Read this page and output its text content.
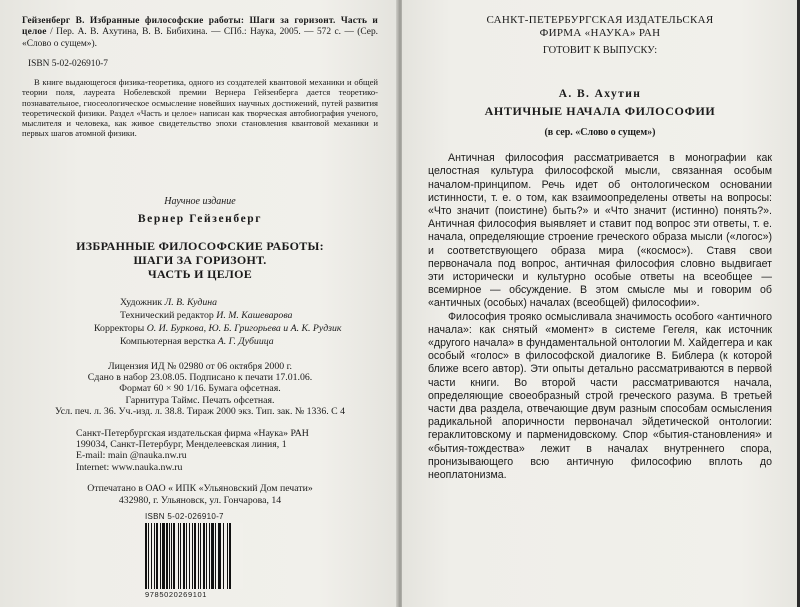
Гейзенберг В. Избранные философские работы: Шаги за горизонт. Часть и целое / Пер. А. В. Ахутина, В. В. Бибихина. — СПб.: Наука, 2005. — 572 с. — (Сер. «Слово о сущем»).

ISBN 5-02-026910-7

В книге выдающегося физика-теоретика, одного из создателей квантовой механики и общей теории поля, лауреата Нобелевской премии Вернера Гейзенберга дается теоретико-познавательное, гносеологическое осмысление новейших научных достижений, путей развития теоретической физики. Раздел «Часть и целое» написан как творческая автобиография ученого, мыслителя и человека, как живое свидетельство эпохи становления квантовой механики и первых шагов атомной физики.

Научное издание

Вернер Гейзенберг

ИЗБРАННЫЕ ФИЛОСОФСКИЕ РАБОТЫ:
ШАГИ ЗА ГОРИЗОНТ.
ЧАСТЬ И ЦЕЛОЕ
Художник Л. В. Кудина
Технический редактор И. М. Кашеварова
Корректоры О. И. Буркова, Ю. Б. Григорьева и А. К. Рудзик
Компьютерная верстка А. Г. Дубиица
Лицензия ИД № 02980 от 06 октября 2000 г.
Сдано в набор 23.08.05. Подписано к печати 17.01.06.
Формат 60 × 90 1/16. Бумага офсетная.
Гарнитура Таймс. Печать офсетная.
Усл. печ. л. 36. Уч.-изд. л. 38.8. Тираж 2000 экз. Тип. зак. № 1336. С 4
Санкт-Петербургская издательская фирма «Наука» РАН
199034, Санкт-Петербург, Менделеевская линия, 1
E-mail: main @nauka.nw.ru
Internet: www.nauka.nw.ru
Отпечатано в ОАО « ИПК «Ульяновский Дом печати»
432980, г. Ульяновск, ул. Гончарова, 14
ISBN 5-02-026910-7
9785020269101
САНКТ-ПЕТЕРБУРГСКАЯ ИЗДАТЕЛЬСКАЯ
ФИРМА «НАУКА» РАН

ГОТОВИТ К ВЫПУСКУ:

А. В. Ахутин

АНТИЧНЫЕ НАЧАЛА ФИЛОСОФИИ

(в сер. «Слово о сущем»)

Античная философия рассматривается в монографии как целостная культура философской мысли, связанная особым началом-принципом. Речь идет об онтологическом основании истинности, т. е. о том, как взаимоопределены ответы на вопросы: «Что значит (поистине) быть?» и «Что значит (истинно) понять?». Античная философия выявляет и ставит под вопрос эти ответы, т. е. начала, определяющие строение греческого образа мысли («логос») и соответствующего образа мира («космос»). Ставя свои первоначала под вопрос, античная философия словно выдвигает эти исторически и культурно особые ответы на всеобщее — всемирное — обсуждение. В этом смысле мы и говорим об «античных (особых) началах (всеобщей) философии».

Философия трояко осмысливала значимость особого «античного начала»: как снятый «момент» в системе Гегеля, как источник «другого начала» в фундаментальной онтологии М. Хайдеггера и как особый «голос» в философской диалогике В. Библера (к которой ближе всего автор). Эти опыты детально рассматриваются в первой части книги. Во второй части рассматриваются начала, определяющие своеобразный строй греческого разума. В третьей части два раздела, отвечающие двум разным способам осмысления радикальной апоричности первоначал эйдетической онтологии: гераклитовскому и парменидовскому. Спор «бытия-становления» и «бытия-тождества» лежит в началах внутреннего спора, пронизывающего всю античную философию вплоть до неоплатонизма.
